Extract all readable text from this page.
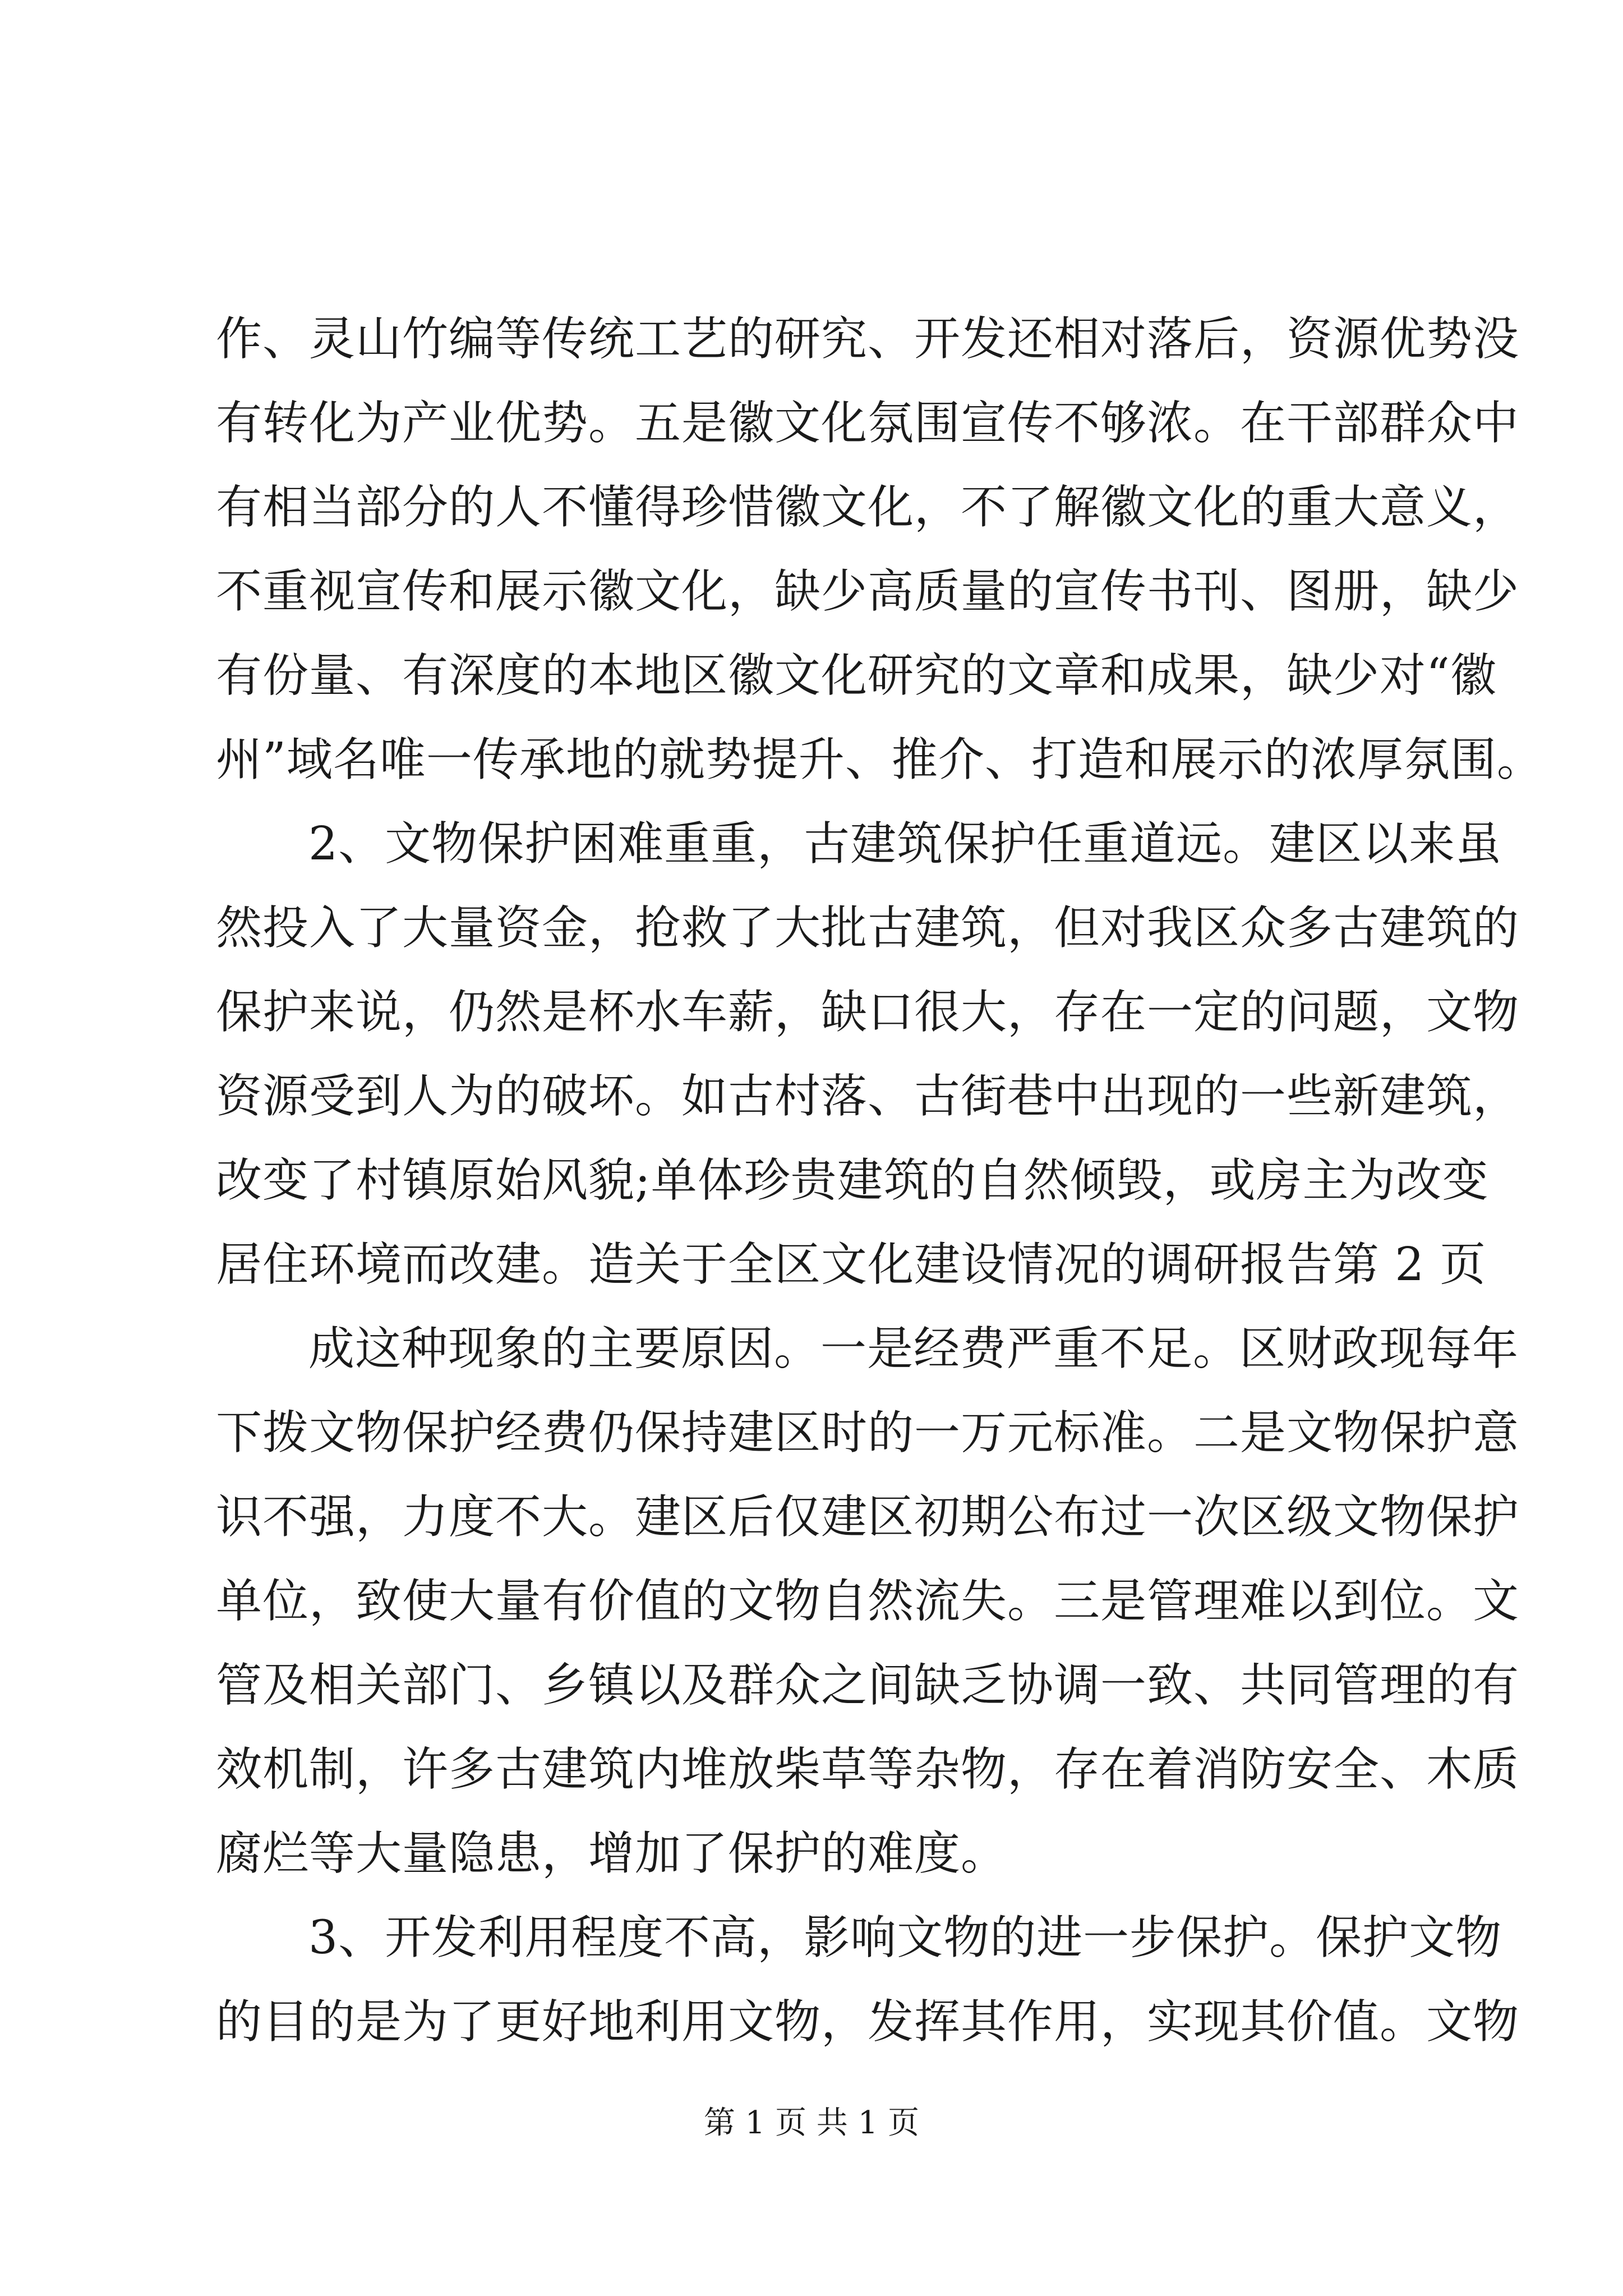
作、灵山竹编等传统工艺的研究、开发还相对落后，资源优势没
有转化为产业优势。五是徽文化氛围宣传不够浓。在干部群众中
有相当部分的人不懂得珍惜徽文化，不了解徽文化的重大意义，
不重视宣传和展示徽文化，缺少高质量的宣传书刊、图册，缺少
有份量、有深度的本地区徽文化研究的文章和成果，缺少对“徽
州”域名唯一传承地的就势提升、推介、打造和展示的浓厚氛围。
2、文物保护困难重重，古建筑保护任重道远。建区以来虽
然投入了大量资金，抢救了大批古建筑，但对我区众多古建筑的
保护来说，仍然是杯水车薪，缺口很大，存在一定的问题，文物
资源受到人为的破坏。如古村落、古街巷中出现的一些新建筑，
改变了村镇原始风貌;单体珍贵建筑的自然倾毁，或房主为改变
居住环境而改建。造关于全区文化建设情况的调研报告第 2 页
成这种现象的主要原因。一是经费严重不足。区财政现每年
下拨文物保护经费仍保持建区时的一万元标准。二是文物保护意
识不强，力度不大。建区后仅建区初期公布过一次区级文物保护
单位，致使大量有价值的文物自然流失。三是管理难以到位。文
管及相关部门、乡镇以及群众之间缺乏协调一致、共同管理的有
效机制，许多古建筑内堆放柴草等杂物，存在着消防安全、木质
腐烂等大量隐患，增加了保护的难度。
3、开发利用程度不高，影响文物的进一步保护。保护文物
的目的是为了更好地利用文物，发挥其作用，实现其价值。文物
第 1 页 共 1 页
